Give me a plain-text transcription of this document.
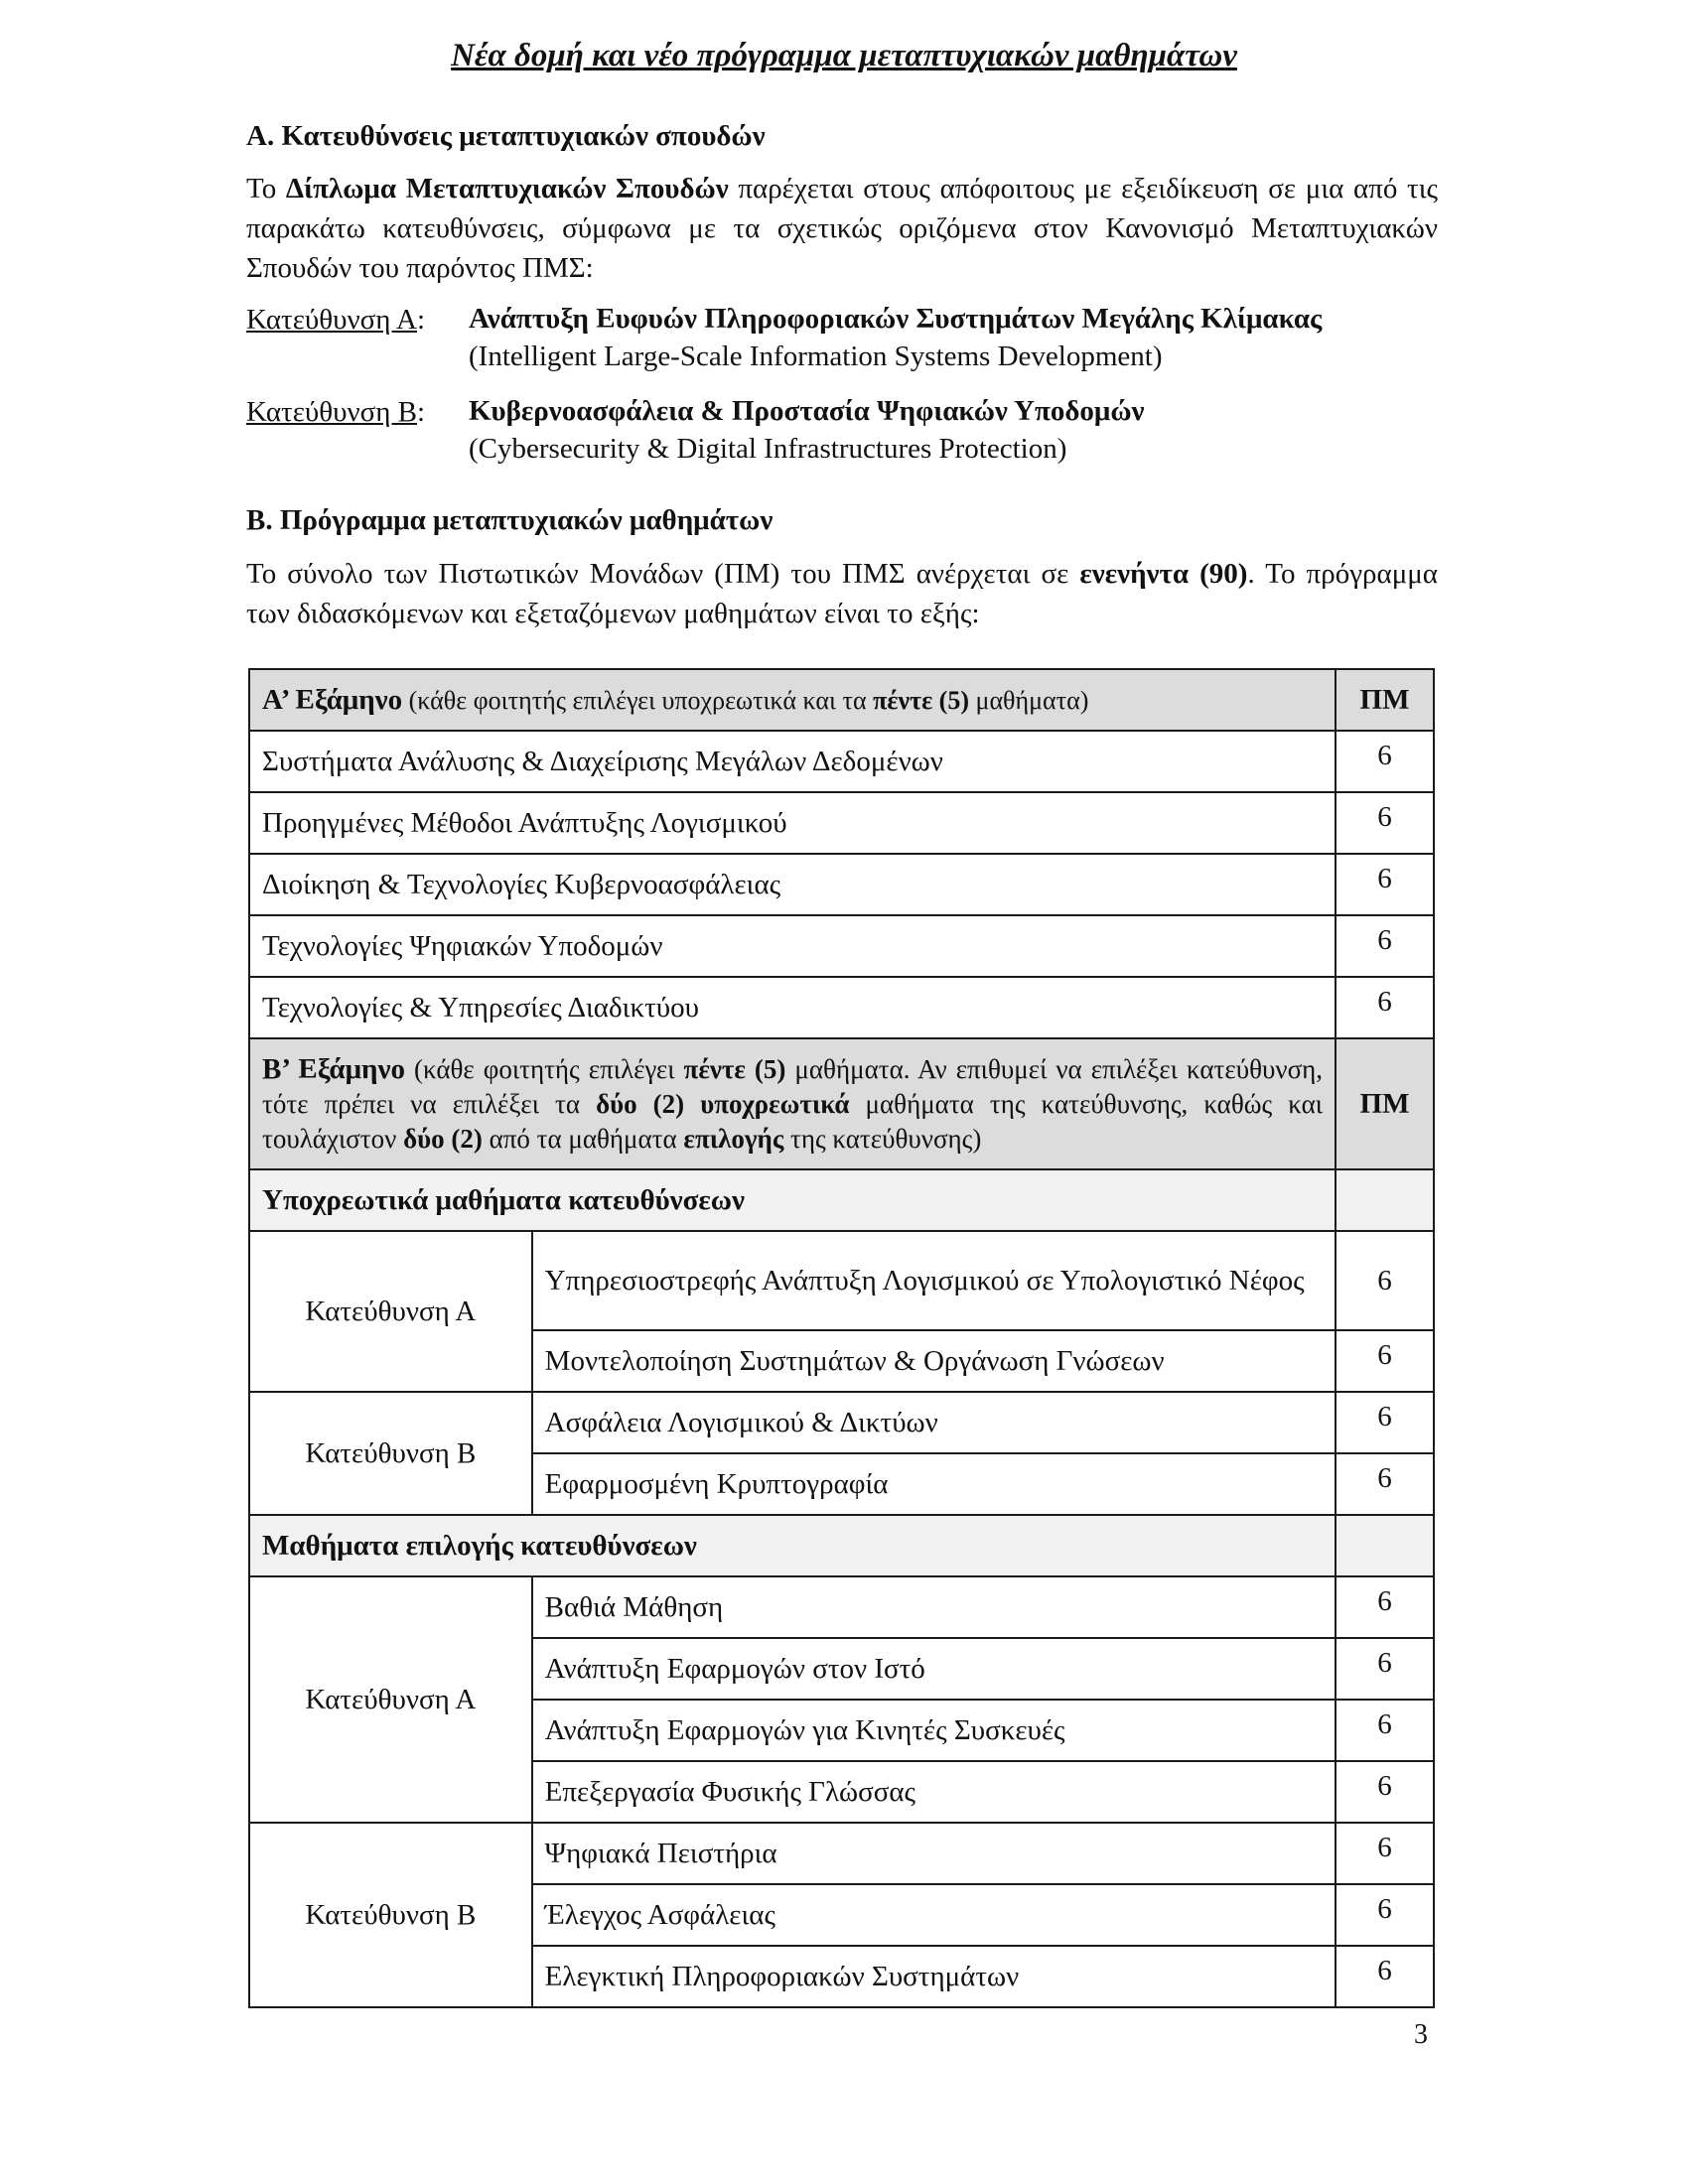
Νέα δομή και νέο πρόγραμμα μεταπτυχιακών μαθημάτων
Α. Κατευθύνσεις μεταπτυχιακών σπουδών

Το Δίπλωμα Μεταπτυχιακών Σπουδών παρέχεται στους απόφοιτους με εξειδίκευση σε μια από τις παρακάτω κατευθύνσεις, σύμφωνα με τα σχετικώς οριζόμενα στον Κανονισμό Μεταπτυχιακών Σπουδών του παρόντος ΠΜΣ:

Κατεύθυνση Α: Ανάπτυξη Ευφυών Πληροφοριακών Συστημάτων Μεγάλης Κλίμακας
(Intelligent Large-Scale Information Systems Development)
Κατεύθυνση Β: Κυβερνοασφάλεια & Προστασία Ψηφιακών Υποδομών
(Cybersecurity & Digital Infrastructures Protection)
Β. Πρόγραμμα μεταπτυχιακών μαθημάτων

Το σύνολο των Πιστωτικών Μονάδων (ΠΜ) του ΠΜΣ ανέρχεται σε ενενήντα (90). Το πρόγραμμα των διδασκόμενων και εξεταζόμενων μαθημάτων είναι το εξής:

Α’ Εξάμηνο (κάθε φοιτητής επιλέγει υποχρεωτικά και τα πέντε (5) μαθήματα)		ΠΜ
Συστήματα Ανάλυσης & Διαχείρισης Μεγάλων Δεδομένων		6
Προηγμένες Μέθοδοι Ανάπτυξης Λογισμικού		6
Διοίκηση & Τεχνολογίες Κυβερνοασφάλειας		6
Τεχνολογίες Ψηφιακών Υποδομών		6
Τεχνολογίες & Υπηρεσίες Διαδικτύου		6
Β’ Εξάμηνο (κάθε φοιτητής επιλέγει πέντε (5) μαθήματα. Αν επιθυμεί να επιλέξει κατεύθυνση, τότε πρέπει να επιλέξει τα δύο (2) υποχρεωτικά μαθήματα της κατεύθυνσης, καθώς και τουλάχιστον δύο (2) από τα μαθήματα επιλογής της κατεύθυνσης)		ΠΜ
Υποχρεωτικά μαθήματα κατευθύνσεων		
Κατεύθυνση Α	Υπηρεσιοστρεφής Ανάπτυξη Λογισμικού σε Υπολογιστικό Νέφος	6
	Μοντελοποίηση Συστημάτων & Οργάνωση Γνώσεων	6
Κατεύθυνση Β	Ασφάλεια Λογισμικού & Δικτύων	6
	Εφαρμοσμένη Κρυπτογραφία	6
Μαθήματα επιλογής κατευθύνσεων		
Κατεύθυνση Α	Βαθιά Μάθηση	6
	Ανάπτυξη Εφαρμογών στον Ιστό	6
	Ανάπτυξη Εφαρμογών για Κινητές Συσκευές	6
	Επεξεργασία Φυσικής Γλώσσας	6
Κατεύθυνση Β	Ψηφιακά Πειστήρια	6
	Έλεγχος Ασφάλειας	6
	Ελεγκτική Πληροφοριακών Συστημάτων	6
3
